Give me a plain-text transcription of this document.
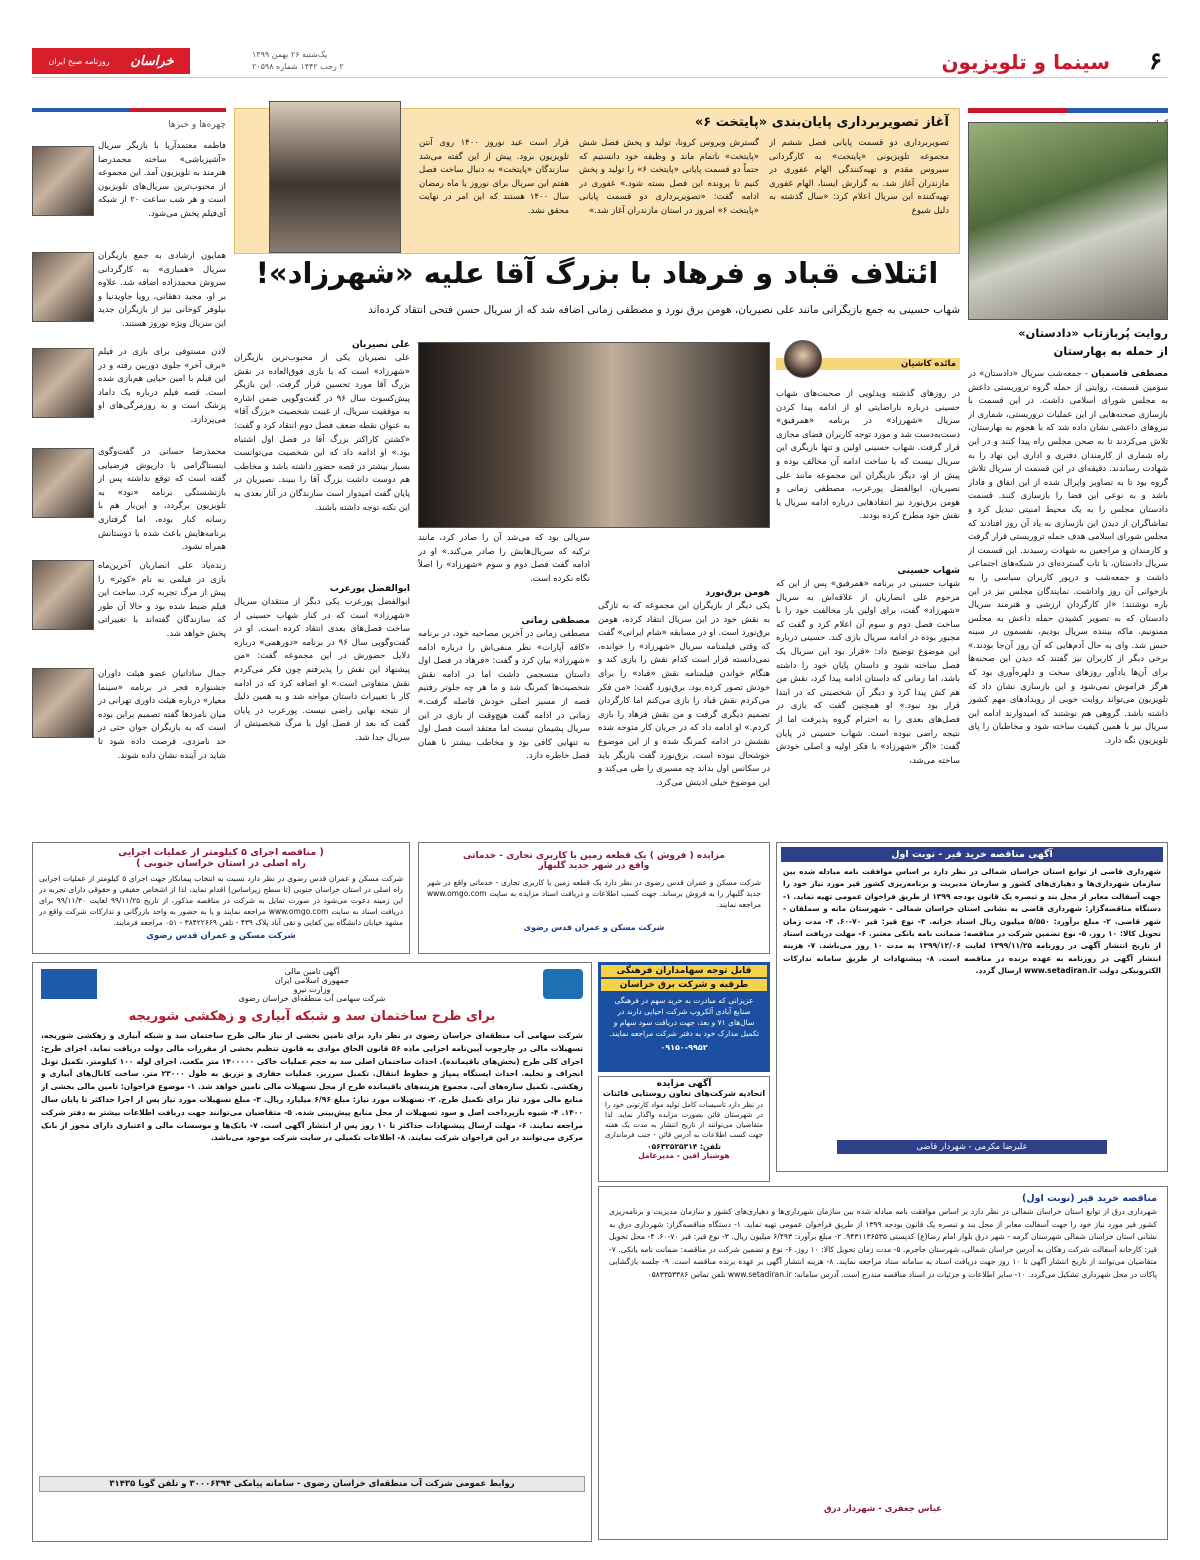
۶
سینما و تلویزیون
یک‌شنبه ۲۶ بهمن ۱۳۹۹
۲ رجب ۱۴۴۲ شماره ۲۰۵۹۸
خراسان
روزنامه صبح ایران
روایت پُربازتاب «دادستان»
از حمله به بهارستان
مصطفی قاسمیان - جمعه‌شب سریال «دادستان» در سومین قسمت، روایتی از حمله گروه تروریستی داعش به مجلس شورای اسلامی داشت. در این قسمت با بازسازی صحنه‌هایی از این عملیات تروریستی، شماری از نیروهای داعشی نشان داده شد که با هجوم به بهارستان، تلاش می‌کردند تا به صحن مجلس راه پیدا کنند و در این راه شماری از کارمندان دفتری و اداری این نهاد را به شهادت رساندند. دقیقه‌ای در این قسمت از سریال تلاش گروه بود تا به تصاویر واپرال شده از این اتفاق و فادار باشد و به نوعی این فضا را بازسازی کنند. قسمت دادستان مجلس را به یک محیط امنیتی تبدیل کرد و تماشاگران از دیدن این بازسازی به یاد آن روز افتادند که مجلس شورای اسلامی هدف حمله تروریستی قرار گرفت و کارمندان و مراجعین به شهادت رسیدند. این قسمت از سریال دادستان، با تاب گسترده‌ای در شبکه‌های اجتماعی داشت و جمعه‌شب و درپور کاربران سیاسی را به بازخوانی آن روز واداشت. نمایندگان مجلس نیز در این باره نوشتند: «از کارگردان ارزشی و هنرمند سریال دادستان که به تصویر کشیدن حمله داعش به مجلس ممنونیم. ماکه بیننده سریال بودیم، نفسمون در سینه حبس شد. وای به حال آدم‌هایی که آن روز آن‌جا بودند.» برخی دیگر از کاربران نیز گفتند که دیدن این صحنه‌ها برای آن‌ها یادآور روزهای سخت و دلهره‌آوری بود که هرگز فراموش نمی‌شود و این بازسازی نشان داد که تلویزیون می‌تواند روایت خوبی از رویدادهای مهم کشور داشته باشد. گروهی هم نوشتند که امیدوارند ادامه این سریال نیز با همین کیفیت ساخته شود و مخاطبان را پای تلویزیون نگه دارد.
آغاز تصویربرداری پایان‌بندی «پایتخت ۶»
تصویربرداری دو قسمت پایانی فصل ششم از مجموعه تلویزیونی «پایتخت» به کارگردانی سیروس مقدم و تهیه‌کنندگی الهام غفوری در مازندران آغاز شد. به گزارش ایسنا، الهام غفوری تهیه‌کننده این سریال اعلام کرد: «سال گذشته به دلیل شیوع
گسترش ویروس کرونا، تولید و پخش فصل شش «پایتخت» ناتمام ماند و وظیفه خود دانستیم که حتماً دو قسمت پایانی «پایتخت ۶» را تولید و پخش کنیم تا پرونده این فصل بسته شود.» غفوری در ادامه گفت: «تصویربرداری دو قسمت پایانی «پایتخت ۶» امروز در استان مازندران آغاز شد.»
قرار است عید نوروز ۱۴۰۰ روی آنتن تلویزیون برود. پیش از این گفته می‌شد سازندگان «پایتخت» به دنبال ساخت فصل هفتم این سریال برای نوروز یا ماه رمضان سال ۱۴۰۰ هستند که این امر در نهایت محقق نشد.
ائتلاف قباد و فرهاد با بزرگ آقا علیه «شهرزاد»!
شهاب حسینی به جمع بازیگرانی مانند علی نصیریان، هومن برق نورد و مصطفی زمانی اضافه شد که از سریال حسن فتحی انتقاد کرده‌اند
مائده کاشیان
در روزهای گذشته ویدئویی از صحبت‌های شهاب حسینی درباره ناراضایتی او از ادامه پیدا کردن سریال «شهرزاد» در برنامه «همرفیق» دست‌به‌دست شد و مورد توجه کاربران فضای مجازی قرار گرفت. شهاب حسینی اولین و تنها بازیگری این سریال نیست که با ساخت ادامه آن مخالف بوده و پیش از او، دیگر بازیگران این مجموعه مانند علی نصیریان، ابوالفضل پورعرب، مصطفی زمانی و هومن برق‌نورد نیز انتقادهایی درباره ادامه سریال یا نقش خود مطرح کرده بودند.
شهاب حسینی
شهاب حسینی در برنامه «همرفیق» پس از این که مرحوم علی انصاریان از علاقه‌اش به سریال «شهرزاد» گفت، برای اولین بار مخالفت خود را با ساخت فصل دوم و سوم آن اعلام کرد و گفت که مجبور بوده در ادامه سریال بازی کند. حسینی درباره این موضوع توضیح داد: «قرار بود این سریال یک فصل ساخته شود و داستان پایان خود را داشته باشد، اما زمانی که داستان ادامه پیدا کرد، نقش من هم کش پیدا کرد و دیگر آن شخصیتی که در ابتدا قرار بود نبود.» او همچنین گفت که بازی در فصل‌های بعدی را به احترام گروه پذیرفت اما از نتیجه راضی نبوده است. شهاب حسینی در پایان گفت: «اگر «شهرزاد» با فکر اولیه و اصلی خودش ساخته می‌شد،
هومن برق‌نورد
یکی دیگر از بازیگران این مجموعه که به تازگی به نقش خود در این سریال انتقاد کرده، هومن برق‌نورد است. او در مسابقه «شام ایرانی» گفت که وقتی فیلمنامه سریال «شهرزاد» را خوانده، نمی‌دانسته قرار است کدام نقش را بازی کند و هنگام خواندن فیلمنامه نقش «قباد» را برای خودش تصور کرده بود. برق‌نورد گفت: «من فکر می‌کردم نقش قباد را بازی می‌کنم اما کارگردان تصمیم دیگری گرفت و من نقش فرهاد را بازی کردم.» او ادامه داد که در جریان کار متوجه شده نقشش در ادامه کمرنگ شده و از این موضوع خوشحال نبوده است. برق‌نورد گفت بازیگر باید در سکانس اول بداند چه مسیری را طی می‌کند و این موضوع خیلی اذیتش می‌کرد.
سریالی بود که می‌شد آن را صادر کرد، مانند ترکیه که سریال‌هایش را صادر می‌کند.» او در ادامه گفت فصل دوم و سوم «شهرزاد» را اصلاً نگاه نکرده است.
مصطفی زمانی
مصطفی زمانی در آخرین مصاحبه خود، در برنامه «کافه آپارات» نظر منفی‌اش را درباره ادامه «شهرزاد» بیان کرد و گفت: «فرهاد در فصل اول داستان منسجمی داشت اما در ادامه نقش شخصیت‌ها کمرنگ شد و ما هر چه جلوتر رفتیم قصه از مسیر اصلی خودش فاصله گرفت.» زمانی در ادامه گفت هیچ‌وقت از بازی در این سریال پشیمان نیست اما معتقد است فصل اول به تنهایی کافی بود و مخاطب بیشتر با همان فصل خاطره دارد.
علی نصیریان
علی نصیریان یکی از محبوب‌ترین بازیگران «شهرزاد» است که با بازی فوق‌العاده در نقش بزرگ آقا مورد تحسین قرار گرفت. این بازیگر پیش‌کسوت سال ۹۶ در گفت‌وگویی ضمن اشاره به موفقیت سریال، از غیبت شخصیت «بزرگ آقا» به عنوان نقطه ضعف فصل دوم انتقاد کرد و گفت: «کشتن کاراکتر بزرگ آقا در فصل اول اشتباه بود.» او ادامه داد که این شخصیت می‌توانست بسیار بیشتر در قصه حضور داشته باشد و مخاطب هم دوست داشت بزرگ آقا را ببیند. نصیریان در پایان گفت امیدوار است سازندگان در آثار بعدی به این نکته توجه داشته باشند.
ابوالفضل پورعرب
ابوالفضل پورعرب یکی دیگر از منتقدان سریال «شهرزاد» است که در کنار شهاب حسینی از ساخت فصل‌های بعدی انتقاد کرده است. او در گفت‌وگویی سال ۹۶ در برنامه «دورهمی» درباره دلایل حضورش در این مجموعه گفت: «من پیشنهاد این نقش را پذیرفتم چون فکر می‌کردم نقش متفاوتی است.» او اضافه کرد که در ادامه کار با تغییرات داستان مواجه شد و به همین دلیل از نتیجه نهایی راضی نیست. پورعرب در پایان گفت که بعد از فصل اول با مرگ شخصیتش از سریال جدا شد.
چهره‌ها و خبرها
فاطمه معتمدآریا با بازیگر سریال «آشپزباشی» ساخته محمدرضا هنرمند به تلویزیون آمد. این مجموعه از محبوب‌ترین سریال‌های تلویزیون است و هر شب ساعت ۲۰ از شبکه آی‌فیلم پخش می‌شود.
همایون ارشادی به جمع بازیگران سریال «همبازی» به کارگردانی سروش محمدزاده اضافه شد. علاوه بر او، مجید دهقانی، رویا جاویدنیا و نیلوفر کوخانی نیز از بازیگران جدید این سریال ویژه نوروز هستند.
لادن مستوفی برای بازی در فیلم «برف آخر» جلوی دوربین رفته و در این فیلم با امین حیایی هم‌بازی شده است. قصه فیلم درباره یک داماد پزشک است و به روزمرگی‌های او می‌پردازد.
محمدرضا حسانی در گفت‌وگوی اینستاگرامی با داریوش فرضیایی گفته است که توقع نداشته پس از بازنشستگی برنامه «نود» به تلویزیون برگردد، و این‌بار هم با رسانه کنار بوده، اما گرفتاری برنامه‌هایش باعث شده با دوستانش همراه نشود.
زنده‌یاد علی انصاریان آخرین‌ماه بازی در فیلمی به نام «کوثر» را پیش از مرگ تجربه کرد. ساخت این فیلم ضبط شده بود و حالا آن طور که سازندگان گفته‌اند با تغییراتی پخش خواهد شد.
جمال ساداتیان عضو هیئت داوران جشنواره فجر در برنامه «سینما معیار» درباره هیئت داوری تهرانی در میان نامزدها گفته تصمیم براین بوده است که به بازیگران جوان حتی در حد نامزدی، فرصت داده شود تا شاید در آینده نشان داده شوند.
( مناقصه اجرای ۵ کیلومتر از عملیات اجرایی
راه اصلی در استان خراسان جنوبی )
شرکت مسکن و عمران قدس رضوی در نظر دارد نسبت به انتخاب پیمانکار جهت اجرای ۵ کیلومتر از عملیات اجرایی راه اصلی در استان خراسان جنوبی (تا سطح زیراساس) اقدام نماید، لذا از اشخاص حقیقی و حقوقی دارای تجربه در این زمینه دعوت می‌شود در صورت تمایل به شرکت در مناقصه مذکور، از تاریخ ۹۹/۱۱/۲۵ لغایت ۹۹/۱۱/۳۰ برای دریافت اسناد به سایت www.omgo.com مراجعه نمایند و یا به حضور به واحد بازرگانی و تدارکات شرکت واقع در مشهد خیابان دانشگاه بین کفایی و تقی آباد پلاک ۴۳۹ - تلفن ۳۸۴۲۲۶۶۹ - ۰۵۱ مراجعه فرمایند.
شرکت مسکن و عمران قدس رضوی
مزایده ( فروش ) یک قطعه زمین با کاربری تجاری - خدماتی
واقع در شهر جدید گلبهار
شرکت مسکن و عمران قدس رضوی در نظر دارد یک قطعه زمین با کاربری تجاری - خدماتی واقع در شهر جدید گلبهار را به فروش برساند. جهت کسب اطلاعات و دریافت اسناد مزایده به سایت www.omgo.com مراجعه نمایند.
شرکت مسکن و عمران قدس رضوی
آگهی مناقصه خرید قیر - نوبت اول
شهرداری قاضی از توابع استان خراسان شمالی در نظر دارد بر اساس موافقت نامه مبادله شده بین سازمان شهرداری‌ها و دهیاری‌های کشور و سازمان مدیریت و برنامه‌ریزی کشور قیر مورد نیاز خود را جهت آسفالت معابر از محل بند و تبصره یک قانون بودجه ۱۳۹۹ از طریق فراخوان عمومی تهیه نماید. ۱- دستگاه مناقصه‌گزار: شهرداری قاضی به نشانی استان خراسان شمالی - شهرستان مانه و سملقان - شهر قاضی. ۲- مبلغ برآورد: ۵/۵۵۰ میلیون ریال اسناد خزانه. ۳- نوع قیر: قیر ۷۰-۶۰. ۴- مدت زمان تحویل کالا: ۱۰ روز. ۵- نوع تضمین شرکت در مناقصه: ضمانت نامه بانکی معتبر. ۶- مهلت دریافت اسناد از تاریخ انتشار آگهی در روزنامه ۱۳۹۹/۱۱/۲۵ لغایت ۱۳۹۹/۱۲/۰۶ به مدت ۱۰ روز می‌باشد. ۷- هزینه انتشار آگهی در روزنامه به عهده برنده در مناقصه است. ۸- پیشنهادات از طریق سامانه تدارکات الکترونیکی دولت www.setadiran.ir ارسال گردد.
علیرضا مکرمی - شهردار قاضی
آگهی تامین مالی
جمهوری اسلامی ایران
وزارت نیرو
شرکت سهامی آب منطقه‌ای خراسان رضوی
برای طرح ساختمان سد و شبکه آبیاری و زهکشی شوریجه
شرکت سهامی آب منطقه‌ای خراسان رضوی در نظر دارد برای تامین بخشی از نیاز مالی طرح ساختمان سد و شبکه آبیاری و زهکشی شوریجه، تسهیلات مالی در چارچوب آیین‌نامه اجرایی ماده ۵۶ قانون الحاق موادی به قانون تنظیم بخشی از مقررات مالی دولت دریافت نماید. اجزای طرح: اجرای کلی طرح (بخش‌های باقیمانده). احداث ساختمان اصلی سد به حجم عملیات خاکی ۱۴۰۰۰۰۰ متر مکعب. اجرای لوله ۱۰۰ کیلومتر. تکمیل تونل انحراف و تخلیه. احداث ایستگاه پمپاژ و خطوط انتقال. تکمیل سرریز. عملیات حفاری و تزریق به طول ۲۳۰۰۰ متر. ساخت کانال‌های آبیاری و زهکشی. تکمیل سازه‌های آبی. مجموع هزینه‌های باقیمانده طرح از محل تسهیلات مالی تامین خواهد شد. ۱- موضوع فراخوان: تامین مالی بخشی از منابع مالی مورد نیاز برای تکمیل طرح. ۲- تسهیلات مورد نیاز: مبلغ ۶/۹۶ میلیارد ریال. ۳- مبلغ تسهیلات مورد نیاز پس از اجرا حداکثر تا پایان سال ۱۴۰۰. ۴- شیوه بازپرداخت اصل و سود تسهیلات از محل منابع پیش‌بینی شده. ۵- متقاضیان می‌توانند جهت دریافت اطلاعات بیشتر به دفتر شرکت مراجعه نمایند. ۶- مهلت ارسال پیشنهادات حداکثر تا ۱۰ روز پس از انتشار آگهی است. ۷- بانک‌ها و موسسات مالی و اعتباری دارای مجوز از بانک مرکزی می‌توانند در این فراخوان شرکت نمایند. ۸- اطلاعات تکمیلی در سایت شرکت موجود می‌باشد.
روابط عمومی شرکت آب منطقه‌ای خراسان رضوی - سامانه پیامکی ۳۰۰۰۶۳۹۴ و تلفن گویا ۳۱۴۳۵
قابل توجه سهامداران فرهنگی
طرقبه و شرکت برق خراسان
عزیزانی که مبادرت به خرید سهم در فرهنگی صنایع آبادی آلکروپ شرکت احیایی دارند در سال‌های ۷۱ و بعد، جهت دریافت سود سهام و تکمیل مدارک خود به دفتر شرکت مراجعه نمایند.
۰۹۱۵۰-۹۹۵۲
آگهی مزایده
اتحادیه شرکت‌های تعاون روستایی قائنات
در نظر دارد تاسیسات کامل تولید مواد کارتونی خود را در شهرستان قائن بصورت مزایده واگذار نماید. لذا متقاضیان می‌توانند از تاریخ انتشار به مدت یک هفته جهت کسب اطلاعات به آدرس قائن - جنب فرمانداری
تلفن: ۰۵۶۳۲۵۲۵۳۱۴
هوشیار افین - مدیرعامل
مناقصه خرید قیر (نوبت اول)
شهرداری درق از توابع استان خراسان شمالی در نظر دارد بر اساس موافقت نامه مبادله شده بین سازمان شهرداری‌ها و دهیاری‌های کشور و سازمان مدیریت و برنامه‌ریزی کشور قیر مورد نیاز خود را جهت آسفالت معابر از محل بند و تبصره یک قانون بودجه ۱۳۹۹ از طریق فراخوان عمومی تهیه نماید. ۱- دستگاه مناقصه‌گزار: شهرداری درق به نشانی استان خراسان شمالی شهرستان گرمه - شهر درق بلوار امام رضا(ع) کدپستی ۹۴۳۱۱۳۶۵۳۵. ۲- مبلغ برآورد: ۶/۴۹۳ میلیون ریال. ۳- نوع قیر: قیر ۷۰-۶۰. ۴- محل تحویل قیر: کارخانه آسفالت شرکت رهکان به آدرس خراسان شمالی، شهرستان جاجرم. ۵- مدت زمان تحویل کالا: ۱۰ روز. ۶- نوع و تضمین شرکت در مناقصه: ضمانت نامه بانکی. ۷- متقاضیان می‌توانند از تاریخ انتشار آگهی تا ۱۰ روز جهت دریافت اسناد به سامانه ستاد مراجعه نمایند. ۸- هزینه انتشار آگهی بر عهده برنده مناقصه است. ۹- جلسه بازگشایی پاکات در محل شهرداری تشکیل می‌گردد. ۱۰- سایر اطلاعات و جزئیات در اسناد مناقصه مندرج است. آدرس سامانه: www.setadiran.ir تلفن تماس ۰۵۸۳۳۵۳۳۸۶
عباس جعفری - شهردار درق
